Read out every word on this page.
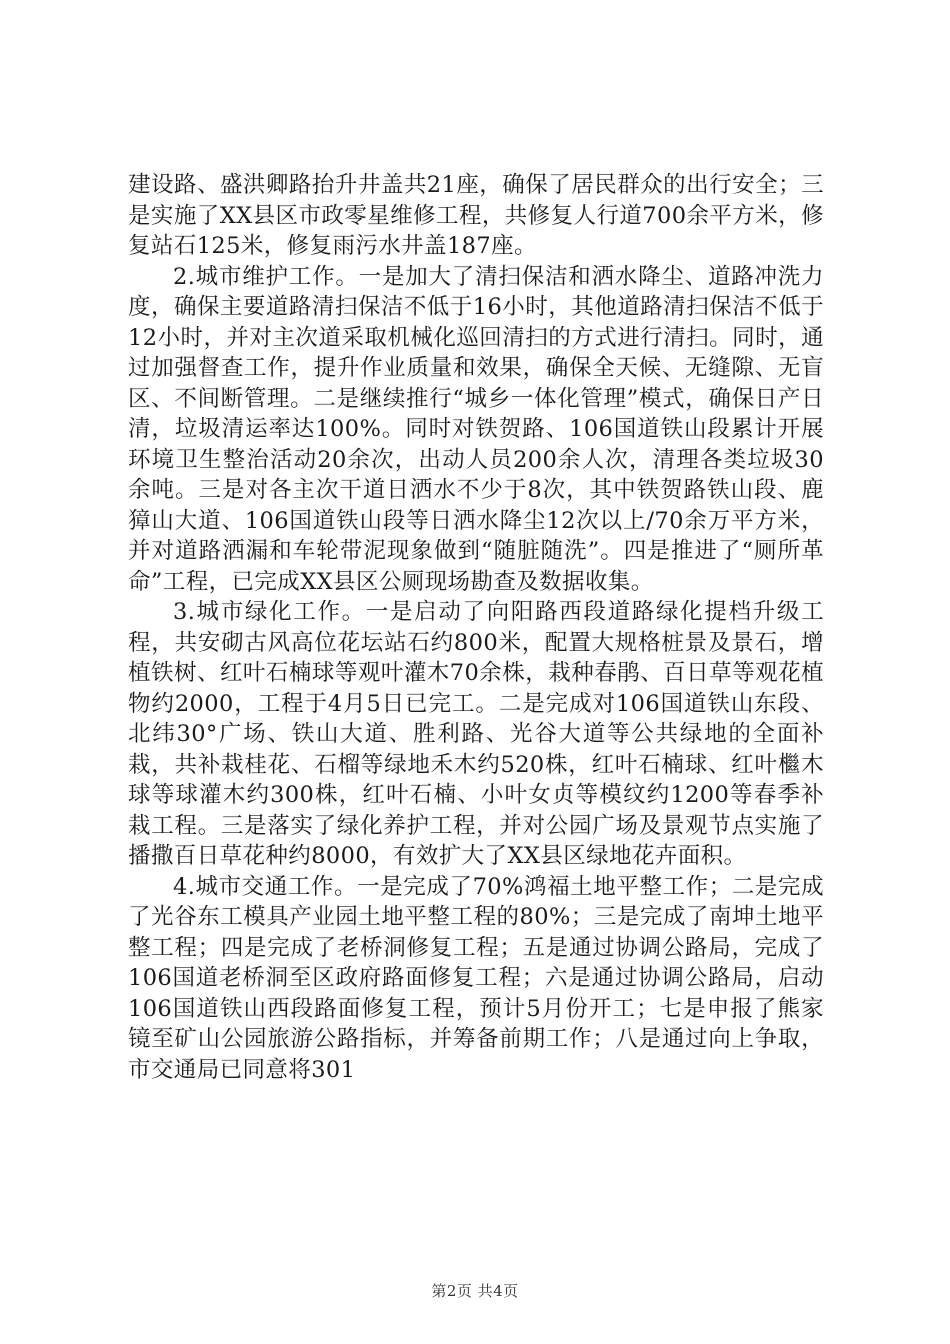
建设路、盛洪卿路抬升井盖共21座，确保了居民群众的出行安全；三是实施了XX县区市政零星维修工程，共修复人行道700余平方米，修复站石125米，修复雨污水井盖187座。

2.城市维护工作。一是加大了清扫保洁和洒水降尘、道路冲洗力度，确保主要道路清扫保洁不低于16小时，其他道路清扫保洁不低于12小时，并对主次道采取机械化巡回清扫的方式进行清扫。同时，通过加强督查工作，提升作业质量和效果，确保全天候、无缝隙、无盲区、不间断管理。二是继续推行“城乡一体化管理”模式，确保日产日清，垃圾清运率达100%。同时对铁贺路、106国道铁山段累计开展环境卫生整治活动20余次，出动人员200余人次，清理各类垃圾30余吨。三是对各主次干道日洒水不少于8次，其中铁贺路铁山段、鹿獐山大道、106国道铁山段等日洒水降尘12次以上/70余万平方米，并对道路洒漏和车轮带泥现象做到“随脏随洗”。四是推进了“厕所革命”工程，已完成XX县区公厕现场勘查及数据收集。

3.城市绿化工作。一是启动了向阳路西段道路绿化提档升级工程，共安砌古风高位花坛站石约800米，配置大规格桩景及景石，增植铁树、红叶石楠球等观叶灌木70余株，栽种春鹃、百日草等观花植物约2000，工程于4月5日已完工。二是完成对106国道铁山东段、北纬30°广场、铁山大道、胜利路、光谷大道等公共绿地的全面补栽，共补栽桂花、石榴等绿地禾木约520株，红叶石楠球、红叶檵木球等球灌木约300株，红叶石楠、小叶女贞等模纹约1200等春季补栽工程。三是落实了绿化养护工程，并对公园广场及景观节点实施了播撒百日草花种约8000，有效扩大了XX县区绿地花卉面积。

4.城市交通工作。一是完成了70%鸿福土地平整工作；二是完成了光谷东工模具产业园土地平整工程的80%；三是完成了南坤土地平整工程；四是完成了老桥洞修复工程；五是通过协调公路局，完成了106国道老桥洞至区政府路面修复工程；六是通过协调公路局，启动106国道铁山西段路面修复工程，预计5月份开工；七是申报了熊家镜至矿山公园旅游公路指标，并筹备前期工作；八是通过向上争取，市交通局已同意将301

第2页 共4页
